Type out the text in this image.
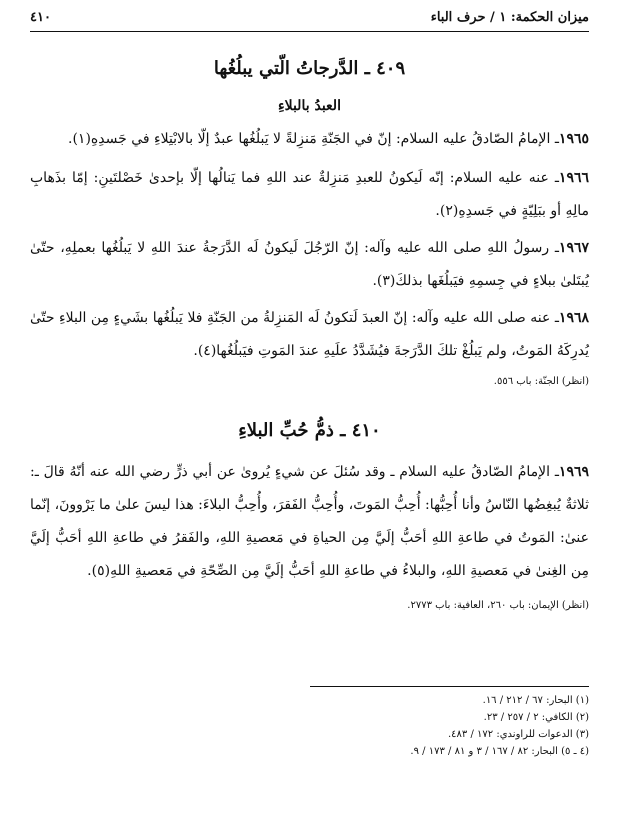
ميزان الحكمة: ١ / حرف الباء
٤١٠
٤٠٩ ـ الدَّرجاتُ الّتي يبلُغُها
العبدُ بالبلاءِ
١٩٦٥ـ الإمامُ الصّادقُ عليه السلام: إنّ في الجَنّةِ مَنزِلةً لا يَبلُغُها عبدٌ إلّا بالابْتِلاءِ في جَسدِهِ(١).
١٩٦٦ـ عنه عليه السلام: إنّه لَيكونُ للعبدِ مَنزِلةٌ عند اللهِ فما يَنالُها إلّا بإحدىٰ خَصْلتَينِ: إمّا بذَهابِ مالِهِ أو ببَلِيّةٍ في جَسدِهِ(٢).
١٩٦٧ـ رسولُ اللهِ صلى الله عليه وآله: إنّ الرّجُلَ لَيكونُ لَه الدَّرَجةُ عندَ اللهِ لا يَبلُغُها بعملِهِ، حتّىٰ يُبتَلىٰ ببلاءٍ في جِسمِهِ فيَبلُغَها بذلكَ(٣).
١٩٦٨ـ عنه صلى الله عليه وآله: إنّ العبدَ لَتكونُ لَه المَنزِلةُ من الجَنّةِ فلا يَبلُغُها بشَيءٍ مِن البلاءِ حتّىٰ يُدرِكَهُ المَوتُ، ولم يَبلُغْ تلكَ الدَّرَجةَ فيُشَدَّدُ علَيهِ عندَ المَوتِ فيَبلُغُها(٤).
(انظر) الجنّة: باب ٥٥٦.
٤١٠ ـ ذمُّ حُبِّ البلاءِ
١٩٦٩ـ الإمامُ الصّادقُ عليه السلام ـ وقد سُئلَ عن شيءٍ يُروىٰ عن أبي ذرٍّ رضي الله عنه أنّهُ قالَ ـ: ثلاثةٌ يُبغِضُها النّاسُ وأنا أُحِبُّها: أُحِبُّ المَوتَ، وأُحِبُّ الفَقرَ، وأُحِبُّ البلاءَ: هذا ليسَ علىٰ ما يَرْوونَ، إنّما عنىٰ: المَوتُ في طاعةِ اللهِ أحَبُّ إلَيَّ مِن الحياةِ في مَعصيةِ اللهِ، والفَقرُ في طاعةِ اللهِ أحَبُّ إلَيَّ مِن الغِنىٰ في مَعصيةِ اللهِ، والبلاءُ في طاعةِ اللهِ أحَبُّ إلَيَّ مِن الصِّحّةِ في مَعصيةِ اللهِ(٥).
(انظر) الإيمان: باب ٢٦٠، العافية: باب ٢٧٧٣.
(١) البحار: ٦٧ / ٢١٢ / ١٦.
(٢) الكافي: ٢ / ٢٥٧ / ٢٣.
(٣) الدعوات للراوندي: ١٧٢ / ٤٨٣.
(٤ ـ ٥) البحار: ٨٢ / ١٦٧ / ٣ و ٨١ / ١٧٣ / ٩.
